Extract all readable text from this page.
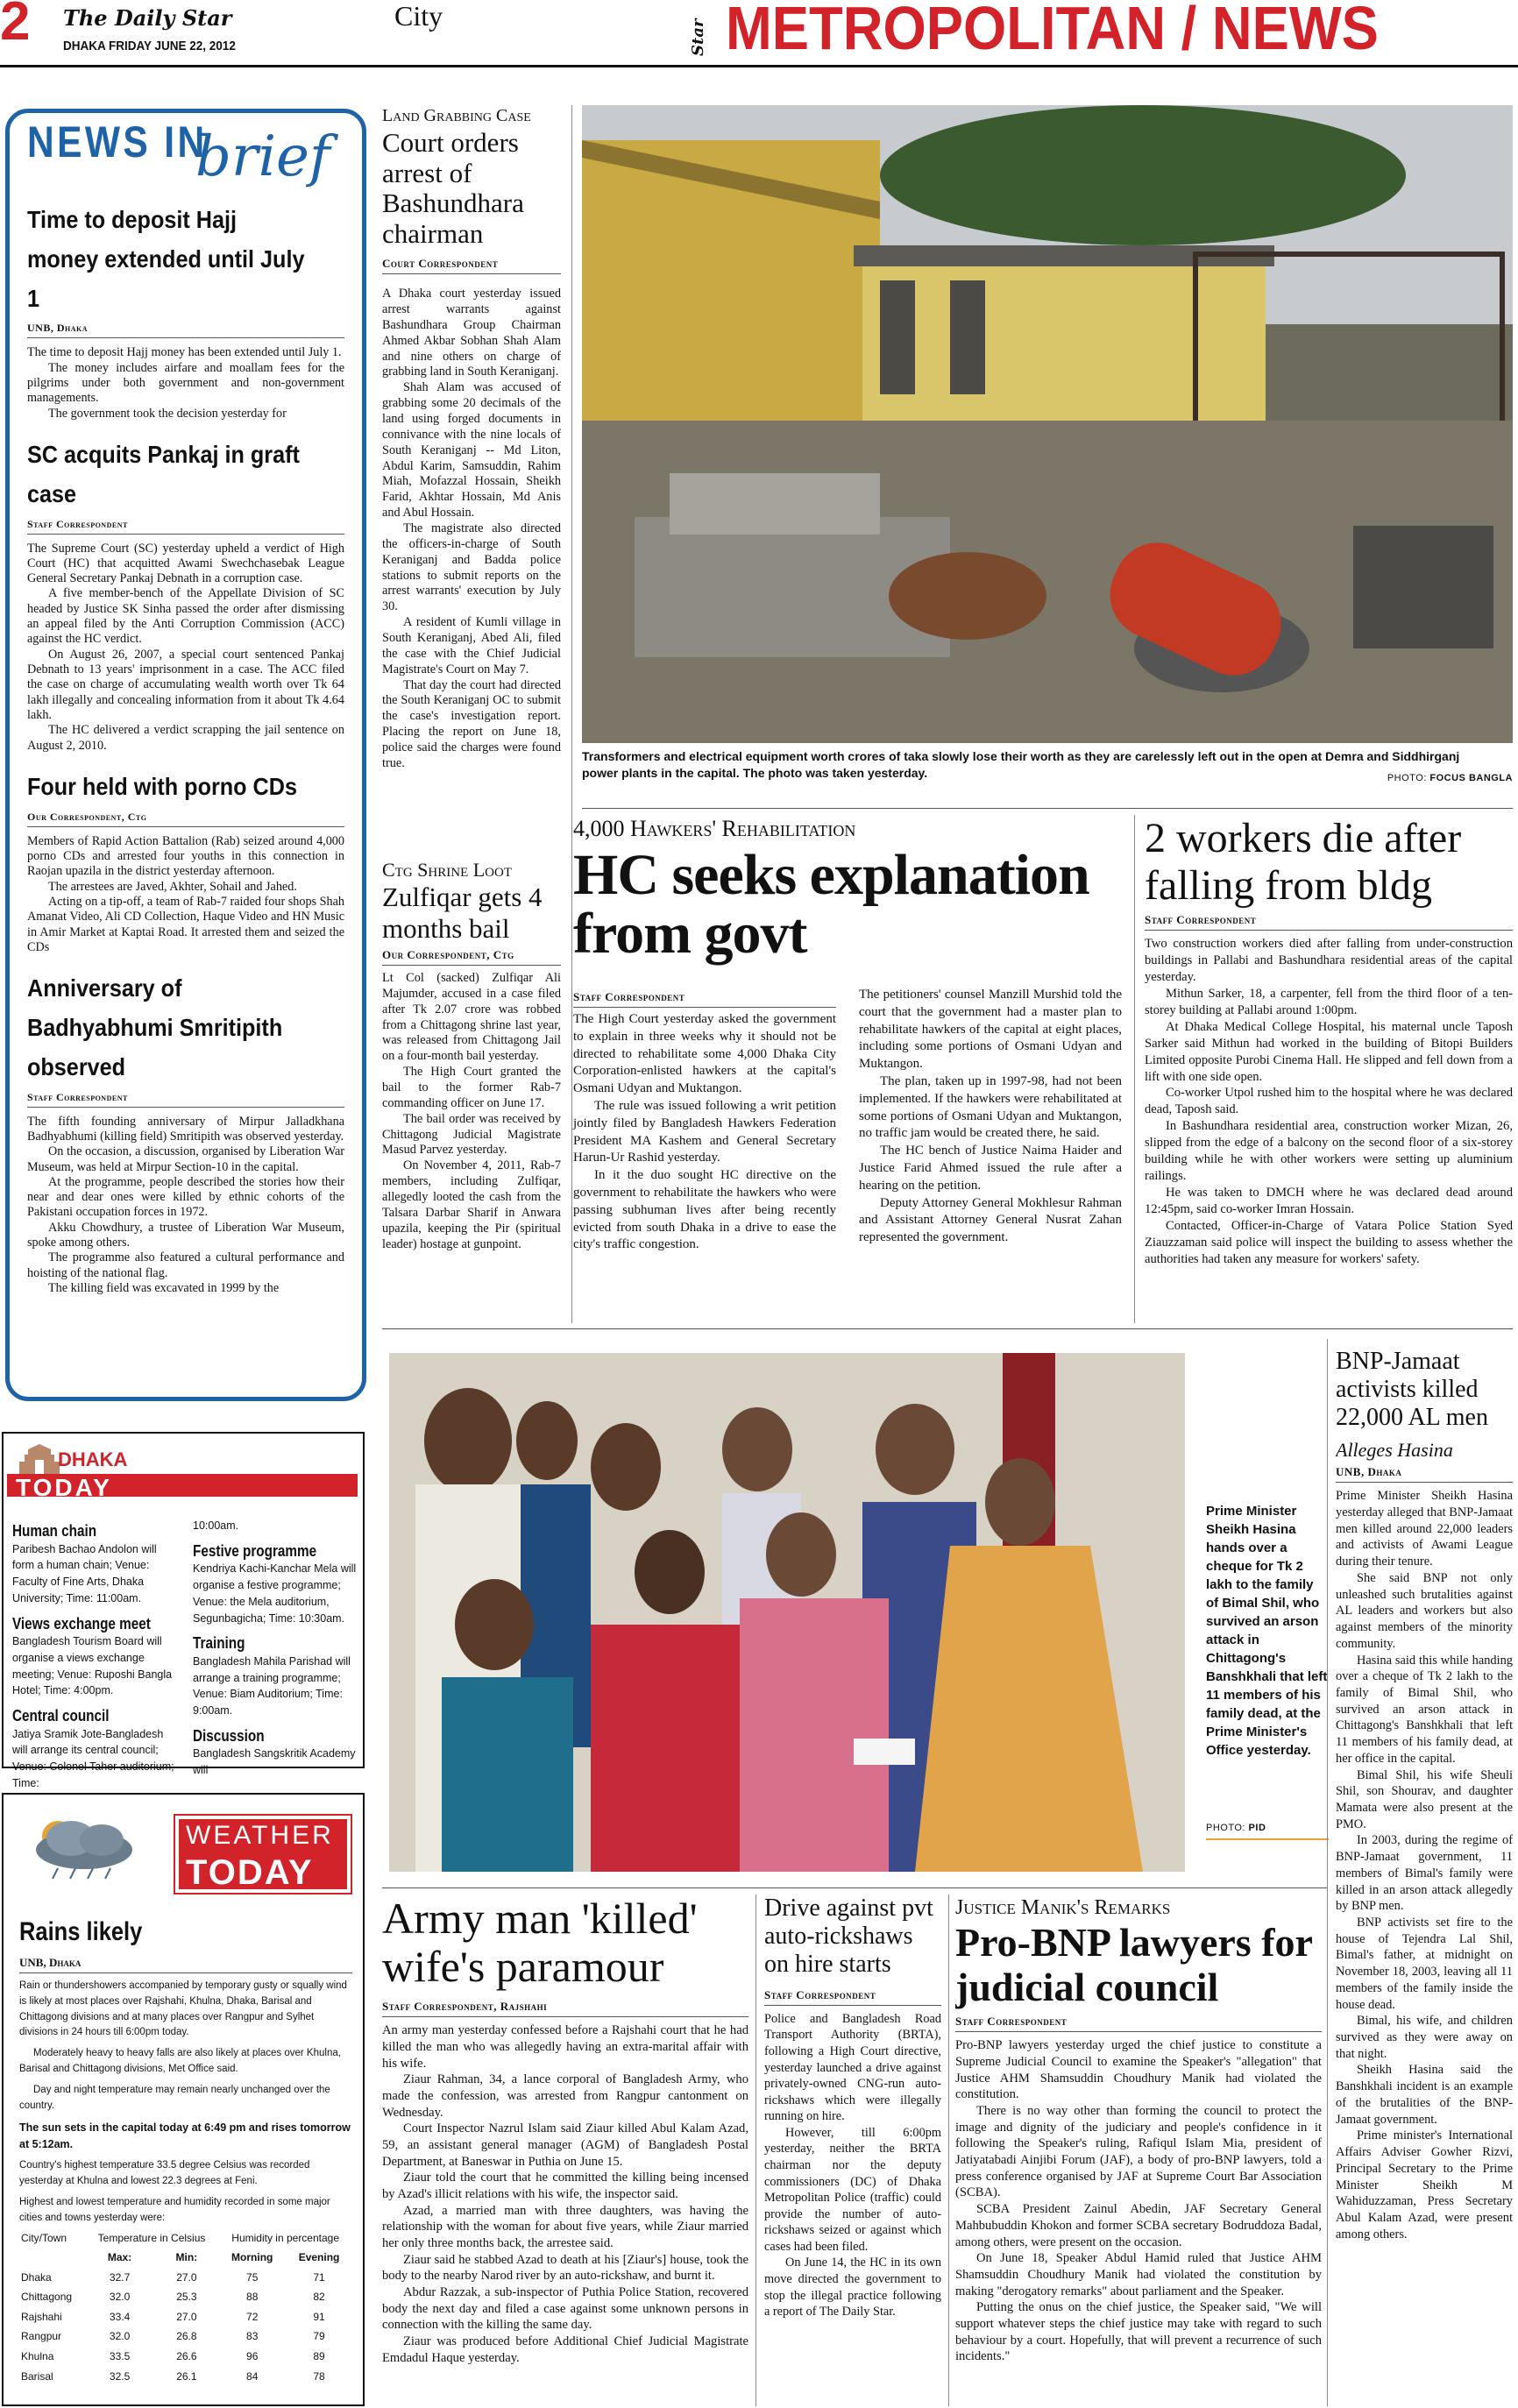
2 The Daily Star
DHAKA FRIDAY JUNE 22, 2012
City
Star METROPOLITAN / NEWS
NEWS IN
brief
Time to deposit Hajj money extended until July 1
UNB, Dhaka

The time to deposit Hajj money has been extended until July 1.

The money includes airfare and moallam fees for the pilgrims under both government and non-government managements.

The government took the decision yesterday for

SC acquits Pankaj in graft case
Staff Correspondent

The Supreme Court (SC) yesterday upheld a verdict of High Court (HC) that acquitted Awami Swechchasebak League General Secretary Pankaj Debnath in a corruption case.

A five member-bench of the Appellate Division of SC headed by Justice SK Sinha passed the order after dismissing an appeal filed by the Anti Corruption Commission (ACC) against the HC verdict.

On August 26, 2007, a special court sentenced Pankaj Debnath to 13 years' imprisonment in a case. The ACC filed the case on charge of accumulating wealth worth over Tk 64 lakh illegally and concealing information from it about Tk 4.64 lakh.

The HC delivered a verdict scrapping the jail sentence on August 2, 2010.

Four held with porno CDs
Our Correspondent, Ctg

Members of Rapid Action Battalion (Rab) seized around 4,000 porno CDs and arrested four youths in this connection in Raojan upazila in the district yesterday afternoon.

The arrestees are Javed, Akhter, Sohail and Jahed.

Acting on a tip-off, a team of Rab-7 raided four shops Shah Amanat Video, Ali CD Collection, Haque Video and HN Music in Amir Market at Kaptai Road. It arrested them and seized the CDs

Anniversary of Badhyabhumi Smritipith observed
Staff Correspondent

The fifth founding anniversary of Mirpur Jalladkhana Badhyabhumi (killing field) Smritipith was observed yesterday.

On the occasion, a discussion, organised by Liberation War Museum, was held at Mirpur Section-10 in the capital.

At the programme, people described the stories how their near and dear ones were killed by ethnic cohorts of the Pakistani occupation forces in 1972.

Akku Chowdhury, a trustee of Liberation War Museum, spoke among others.

The programme also featured a cultural performance and hoisting of the national flag.

The killing field was excavated in 1999 by the

DHAKA
TODAY
Human chain

Paribesh Bachao Andolon will form a human chain; Venue: Faculty of Fine Arts, Dhaka University; Time: 11:00am.

Views exchange meet

Bangladesh Tourism Board will organise a views exchange meeting; Venue: Ruposhi Bangla Hotel; Time: 4:00pm.

Central council

Jatiya Sramik Jote-Bangladesh will arrange its central council; Venue: Colonel Taher auditorium; Time:

10:00am.

Festive programme

Kendriya Kachi-Kanchar Mela will organise a festive programme; Venue: the Mela auditorium, Segunbagicha; Time: 10:30am.

Training

Bangladesh Mahila Parishad will arrange a training programme; Venue: Biam Auditorium; Time: 9:00am.

Discussion

Bangladesh Sangskritik Academy will

WEATHER
TODAY
Rains likely
UNB, Dhaka
Rain or thundershowers accompanied by temporary gusty or squally wind is likely at most places over Rajshahi, Khulna, Dhaka, Barisal and Chittagong divisions and at many places over Rangpur and Sylhet divisions in 24 hours till 6:00pm today.
Moderately heavy to heavy falls are also likely at places over Khulna, Barisal and Chittagong divisions, Met Office said.
Day and night temperature may remain nearly unchanged over the country.
The sun sets in the capital today at 6:49 pm and rises tomorrow at 5:12am.
Country's highest temperature 33.5 degree Celsius was recorded yesterday at Khulna and lowest 22.3 degrees at Feni.
Highest and lowest temperature and humidity recorded in some major cities and towns yesterday were:
City/Town	Temperature in Celsius		Humidity in percentage	
	Max:	Min:	Morning	Evening
Dhaka	32.7	27.0	75	71
Chittagong	32.0	25.3	88	82
Rajshahi	33.4	27.0	72	91
Rangpur	32.0	26.8	83	79
Khulna	33.5	26.6	96	89
Barisal	32.5	26.1	84	78
Land Grabbing Case
Court orders arrest of Bashundhara chairman
Court Correspondent

A Dhaka court yesterday issued arrest warrants against Bashundhara Group Chairman Ahmed Akbar Sobhan Shah Alam and nine others on charge of grabbing land in South Keraniganj.

Shah Alam was accused of grabbing some 20 decimals of the land using forged documents in connivance with the nine locals of South Keraniganj -- Md Liton, Abdul Karim, Samsuddin, Rahim Miah, Mofazzal Hossain, Sheikh Farid, Akhtar Hossain, Md Anis and Abul Hossain.

The magistrate also directed the officers-in-charge of South Keraniganj and Badda police stations to submit reports on the arrest warrants' execution by July 30.

A resident of Kumli village in South Keraniganj, Abed Ali, filed the case with the Chief Judicial Magistrate's Court on May 7.

That day the court had directed the South Keraniganj OC to submit the case's investigation report. Placing the report on June 18, police said the charges were found true.

Ctg Shrine Loot
Zulfiqar gets 4 months bail
Our Correspondent, Ctg

Lt Col (sacked) Zulfiqar Ali Majumder, accused in a case filed after Tk 2.07 crore was robbed from a Chittagong shrine last year, was released from Chittagong Jail on a four-month bail yesterday.

The High Court granted the bail to the former Rab-7 commanding officer on June 17.

The bail order was received by Chittagong Judicial Magistrate Masud Parvez yesterday.

On November 4, 2011, Rab-7 members, including Zulfiqar, allegedly looted the cash from the Talsara Darbar Sharif in Anwara upazila, keeping the Pir (spiritual leader) hostage at gunpoint.

Transformers and electrical equipment worth crores of taka slowly lose their worth as they are carelessly left out in the open at Demra and Siddhirganj power plants in the capital. The photo was taken yesterday.	PHOTO: FOCUS BANGLA
4,000 Hawkers' Rehabilitation
HC seeks explanation from govt
Staff Correspondent

The High Court yesterday asked the government to explain in three weeks why it should not be directed to rehabilitate some 4,000 Dhaka City Corporation-enlisted hawkers at the capital's Osmani Udyan and Muktangon.

The rule was issued following a writ petition jointly filed by Bangladesh Hawkers Federation President MA Kashem and General Secretary Harun-Ur Rashid yesterday.

In it the duo sought HC directive on the government to rehabilitate the hawkers who were passing subhuman lives after being recently evicted from south Dhaka in a drive to ease the city's traffic congestion.

The petitioners' counsel Manzill Murshid told the court that the government had a master plan to rehabilitate hawkers of the capital at eight places, including some portions of Osmani Udyan and Muktangon.

The plan, taken up in 1997-98, had not been implemented. If the hawkers were rehabilitated at some portions of Osmani Udyan and Muktangon, no traffic jam would be created there, he said.

The HC bench of Justice Naima Haider and Justice Farid Ahmed issued the rule after a hearing on the petition.

Deputy Attorney General Mokhlesur Rahman and Assistant Attorney General Nusrat Zahan represented the government.

2 workers die after falling from bldg
Staff Correspondent

Two construction workers died after falling from under-construction buildings in Pallabi and Bashundhara residential areas of the capital yesterday.

Mithun Sarker, 18, a carpenter, fell from the third floor of a ten-storey building at Pallabi around 1:00pm.

At Dhaka Medical College Hospital, his maternal uncle Taposh Sarker said Mithun had worked in the building of Bitopi Builders Limited opposite Purobi Cinema Hall. He slipped and fell down from a lift with one side open.

Co-worker Utpol rushed him to the hospital where he was declared dead, Taposh said.

In Bashundhara residential area, construction worker Mizan, 26, slipped from the edge of a balcony on the second floor of a six-storey building while he with other workers were setting up aluminium railings.

He was taken to DMCH where he was declared dead around 12:45pm, said co-worker Imran Hossain.

Contacted, Officer-in-Charge of Vatara Police Station Syed Ziauzzaman said police will inspect the building to assess whether the authorities had taken any measure for workers' safety.

Prime Minister Sheikh Hasina hands over a cheque for Tk 2 lakh to the family of Bimal Shil, who survived an arson attack in Chittagong's Banshkhali that left 11 members of his family dead, at the Prime Minister's Office yesterday.
PHOTO: PID
BNP-Jamaat activists killed 22,000 AL men
Alleges Hasina
UNB, Dhaka

Prime Minister Sheikh Hasina yesterday alleged that BNP-Jamaat men killed around 22,000 leaders and activists of Awami League during their tenure.

She said BNP not only unleashed such brutalities against AL leaders and workers but also against members of the minority community.

Hasina said this while handing over a cheque of Tk 2 lakh to the family of Bimal Shil, who survived an arson attack in Chittagong's Banshkhali that left 11 members of his family dead, at her office in the capital.

Bimal Shil, his wife Sheuli Shil, son Shourav, and daughter Mamata were also present at the PMO.

In 2003, during the regime of BNP-Jamaat government, 11 members of Bimal's family were killed in an arson attack allegedly by BNP men.

BNP activists set fire to the house of Tejendra Lal Shil, Bimal's father, at midnight on November 18, 2003, leaving all 11 members of the family inside the house dead.

Bimal, his wife, and children survived as they were away on that night.

Sheikh Hasina said the Banshkhali incident is an example of the brutalities of the BNP-Jamaat government.

Prime minister's International Affairs Adviser Gowher Rizvi, Principal Secretary to the Prime Minister Sheikh M Wahiduzzaman, Press Secretary Abul Kalam Azad, were present among others.

Army man 'killed' wife's paramour
Staff Correspondent, Rajshahi

An army man yesterday confessed before a Rajshahi court that he had killed the man who was allegedly having an extra-marital affair with his wife.

Ziaur Rahman, 34, a lance corporal of Bangladesh Army, who made the confession, was arrested from Rangpur cantonment on Wednesday.

Court Inspector Nazrul Islam said Ziaur killed Abul Kalam Azad, 59, an assistant general manager (AGM) of Bangladesh Postal Department, at Baneswar in Puthia on June 15.

Ziaur told the court that he committed the killing being incensed by Azad's illicit relations with his wife, the inspector said.

Azad, a married man with three daughters, was having the relationship with the woman for about five years, while Ziaur married her only three months back, the arrestee said.

Ziaur said he stabbed Azad to death at his [Ziaur's] house, took the body to the nearby Narod river by an auto-rickshaw, and burnt it.

Abdur Razzak, a sub-inspector of Puthia Police Station, recovered body the next day and filed a case against some unknown persons in connection with the killing the same day.

Ziaur was produced before Additional Chief Judicial Magistrate Emdadul Haque yesterday.

Drive against pvt auto-rickshaws on hire starts
Staff Correspondent

Police and Bangladesh Road Transport Authority (BRTA), following a High Court directive, yesterday launched a drive against privately-owned CNG-run auto-rickshaws which were illegally running on hire.

However, till 6:00pm yesterday, neither the BRTA chairman nor the deputy commissioners (DC) of Dhaka Metropolitan Police (traffic) could provide the number of auto-rickshaws seized or against which cases had been filed.

On June 14, the HC in its own move directed the government to stop the illegal practice following a report of The Daily Star.

Justice Manik's Remarks
Pro-BNP lawyers for judicial council
Staff Correspondent

Pro-BNP lawyers yesterday urged the chief justice to constitute a Supreme Judicial Council to examine the Speaker's "allegation" that Justice AHM Shamsuddin Choudhury Manik had violated the constitution.

There is no way other than forming the council to protect the image and dignity of the judiciary and people's confidence in it following the Speaker's ruling, Rafiqul Islam Mia, president of Jatiyatabadi Ainjibi Forum (JAF), a body of pro-BNP lawyers, told a press conference organised by JAF at Supreme Court Bar Association (SCBA).

SCBA President Zainul Abedin, JAF Secretary General Mahbubuddin Khokon and former SCBA secretary Bodruddoza Badal, among others, were present on the occasion.

On June 18, Speaker Abdul Hamid ruled that Justice AHM Shamsuddin Choudhury Manik had violated the constitution by making "derogatory remarks" about parliament and the Speaker.

Putting the onus on the chief justice, the Speaker said, "We will support whatever steps the chief justice may take with regard to such behaviour by a court. Hopefully, that will prevent a recurrence of such incidents."
